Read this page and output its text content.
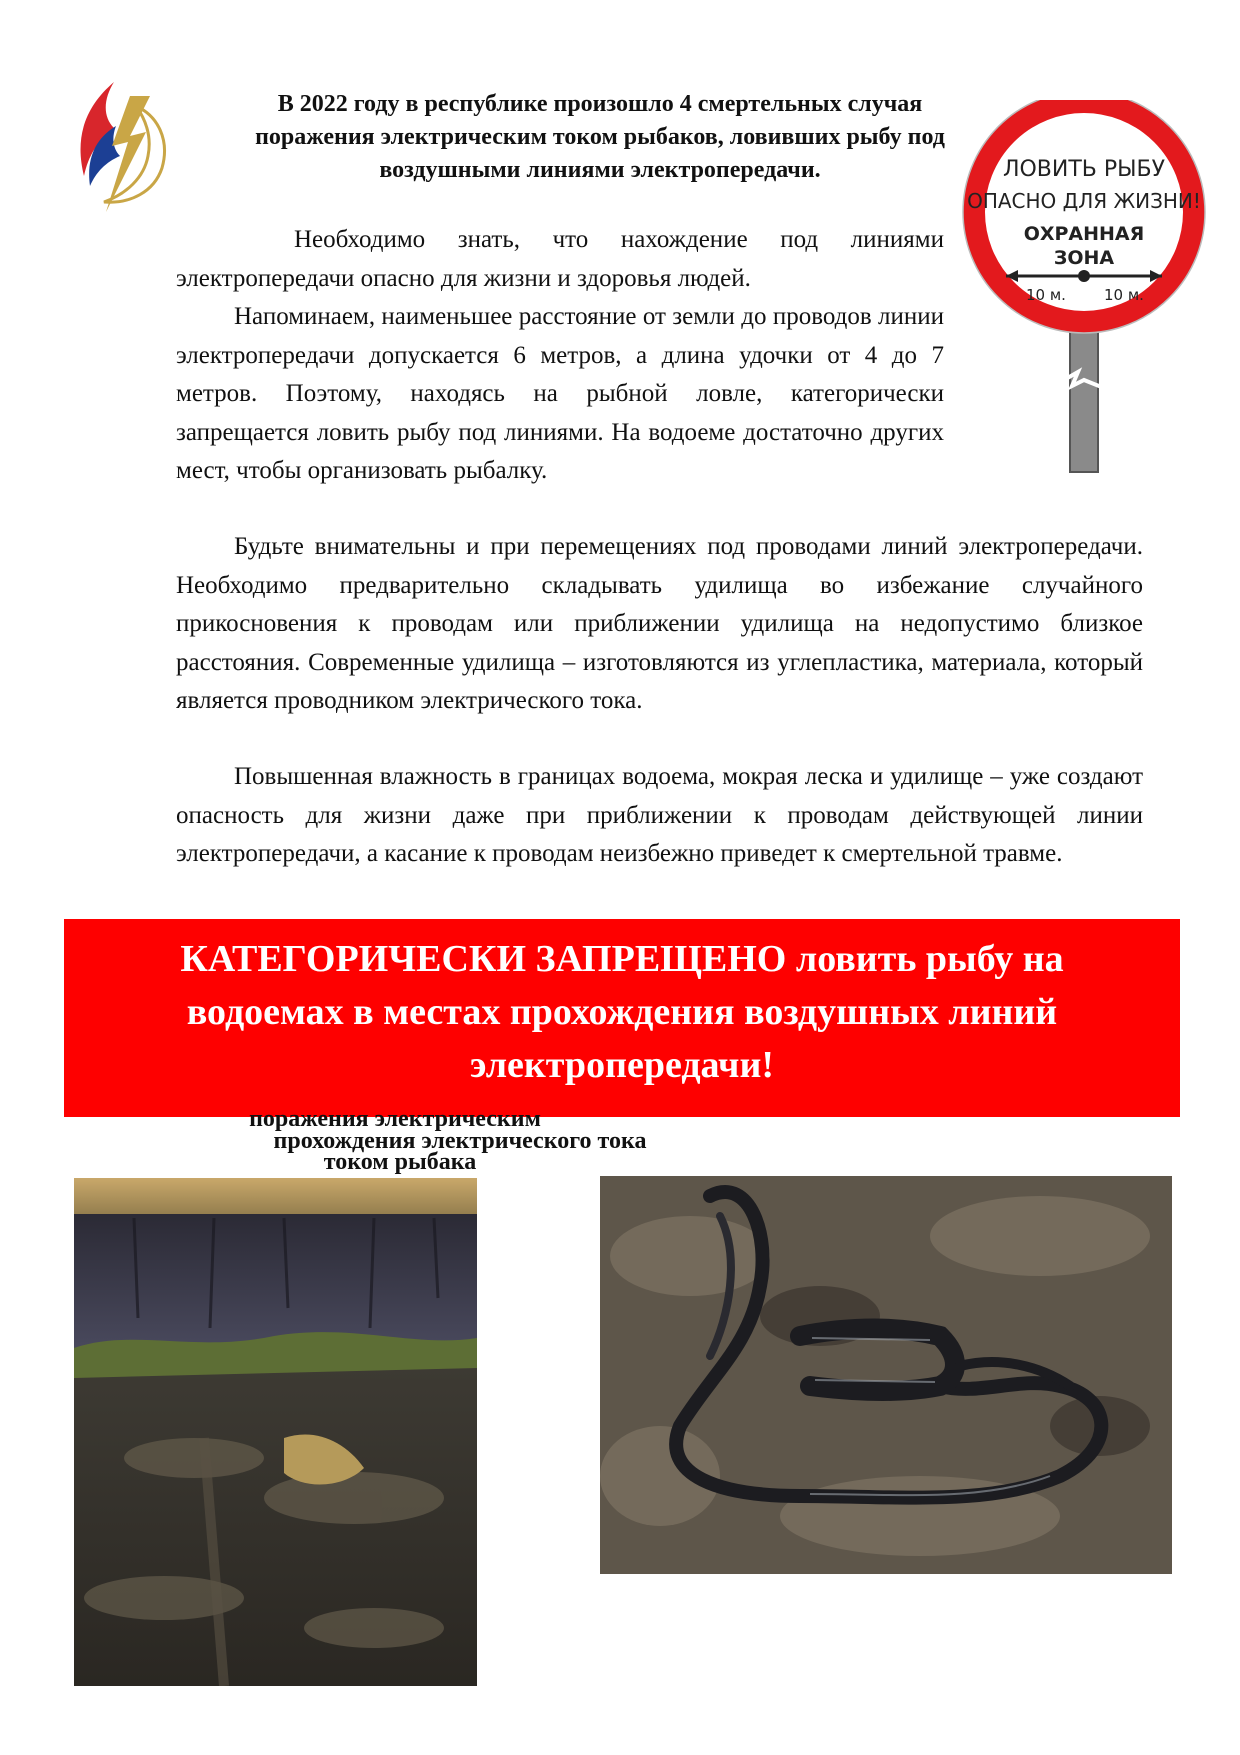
В 2022 году в республике произошло 4 смертельных случая поражения электрическим током рыбаков, ловивших рыбу под воздушными линиями электропередачи.

Необходимо знать, что нахождение под линиями электропередачи опасно для жизни и здоровья людей.

Напоминаем, наименьшее расстояние от земли до проводов линии электропередачи допускается 6 метров, а длина удочки от 4 до 7 метров. Поэтому, находясь на рыбной ловле, категорически запрещается ловить рыбу под линиями. На водоеме достаточно других мест, чтобы организовать рыбалку.

Будьте внимательны и при перемещениях под проводами линий электропередачи. Необходимо предварительно складывать удилища во избежание случайного прикосновения к проводам или приближении удилища на недопустимо близкое расстояния. Современные удилища – изготовляются из углепластика, материала, который является проводником электрического тока.

Повышенная влажность в границах водоема, мокрая леска и удилище – уже создают опасность для жизни даже при приближении к проводам действующей линии электропередачи, а касание к проводам неизбежно приведет к смертельной травме.

ЛОВИТЬ РЫБУ
ОПАСНО ДЛЯ ЖИЗНИ!
ОХРАННАЯ
ЗОНА
10 м.	10 м.
КАТЕГОРИЧЕСКИ ЗАПРЕЩЕНО ловить рыбу на водоемах в местах прохождения воздушных линий электропередачи!
поражения электрическим
прохождения электрического тока
током рыбака
